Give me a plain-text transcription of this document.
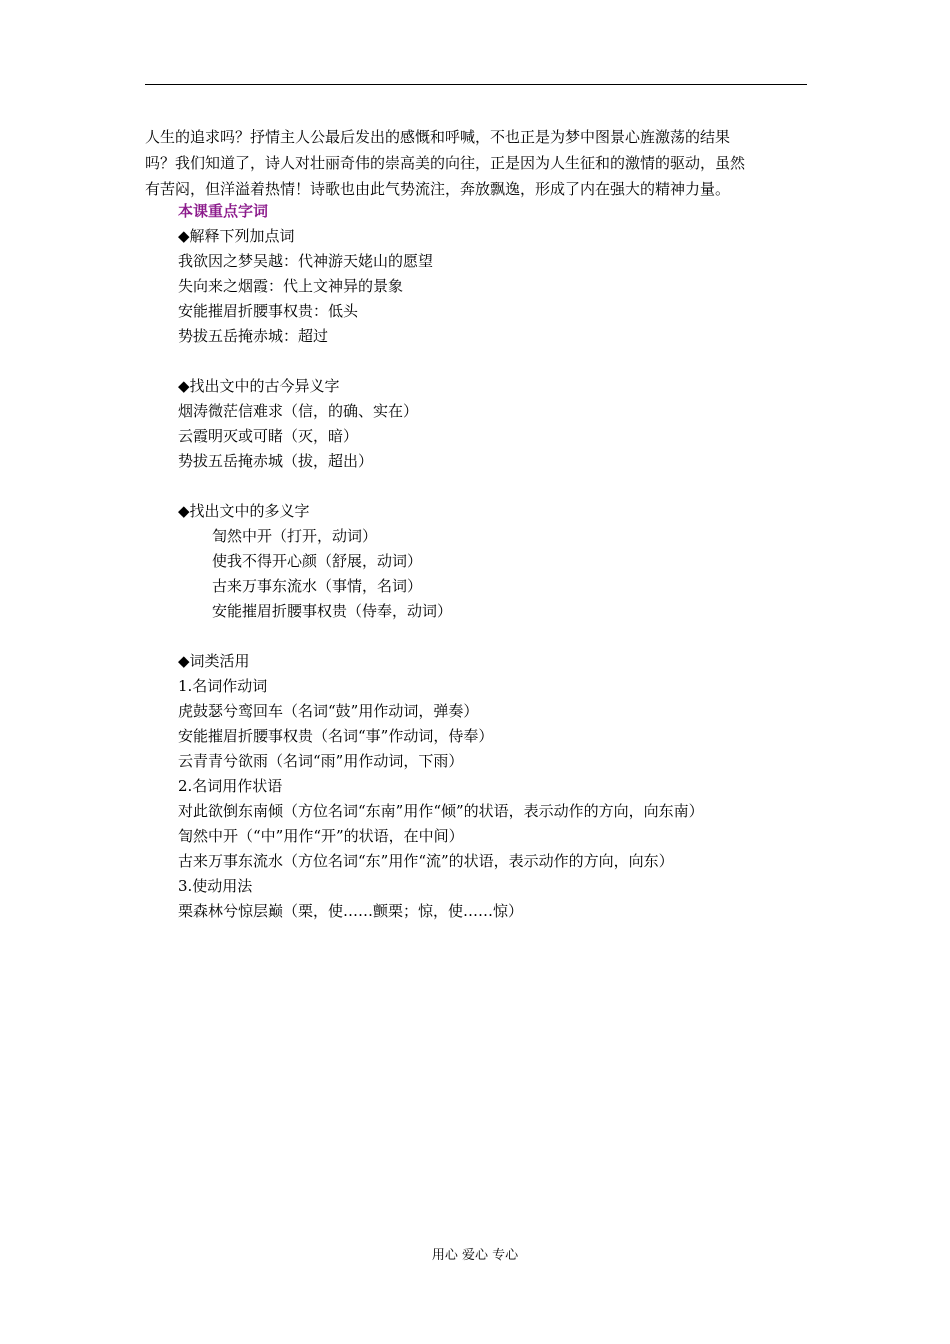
人生的追求吗？抒情主人公最后发出的感慨和呼喊，不也正是为梦中图景心旌激荡的结果

吗？我们知道了，诗人对壮丽奇伟的崇高美的向往，正是因为人生征和的激情的驱动，虽然

有苦闷，但洋溢着热情！诗歌也由此气势流注，奔放飘逸，形成了内在强大的精神力量。

本课重点字词
◆解释下列加点词
我欲因之梦吴越：代神游天姥山的愿望
失向来之烟霞：代上文神异的景象
安能摧眉折腰事权贵：低头
势拔五岳掩赤城：超过
◆找出文中的古今异义字
烟涛微茫信难求（信，的确、实在）
云霞明灭或可睹（灭，暗）
势拔五岳掩赤城（拔，超出）
◆找出文中的多义字
訇然中开（打开，动词）
使我不得开心颜（舒展，动词）
古来万事东流水（事情，名词）
安能摧眉折腰事权贵（侍奉，动词）
◆词类活用
1.名词作动词
虎鼓瑟兮鸾回车（名词“鼓”用作动词，弹奏）
安能摧眉折腰事权贵（名词“事”作动词，侍奉）
云青青兮欲雨（名词“雨”用作动词，下雨）
2.名词用作状语
对此欲倒东南倾（方位名词“东南”用作“倾”的状语，表示动作的方向，向东南）
訇然中开（“中”用作“开”的状语，在中间）
古来万事东流水（方位名词“东”用作“流”的状语，表示动作的方向，向东）
3.使动用法
栗森林兮惊层巅（栗，使……颤栗；惊，使……惊）
用心 爱心 专心
